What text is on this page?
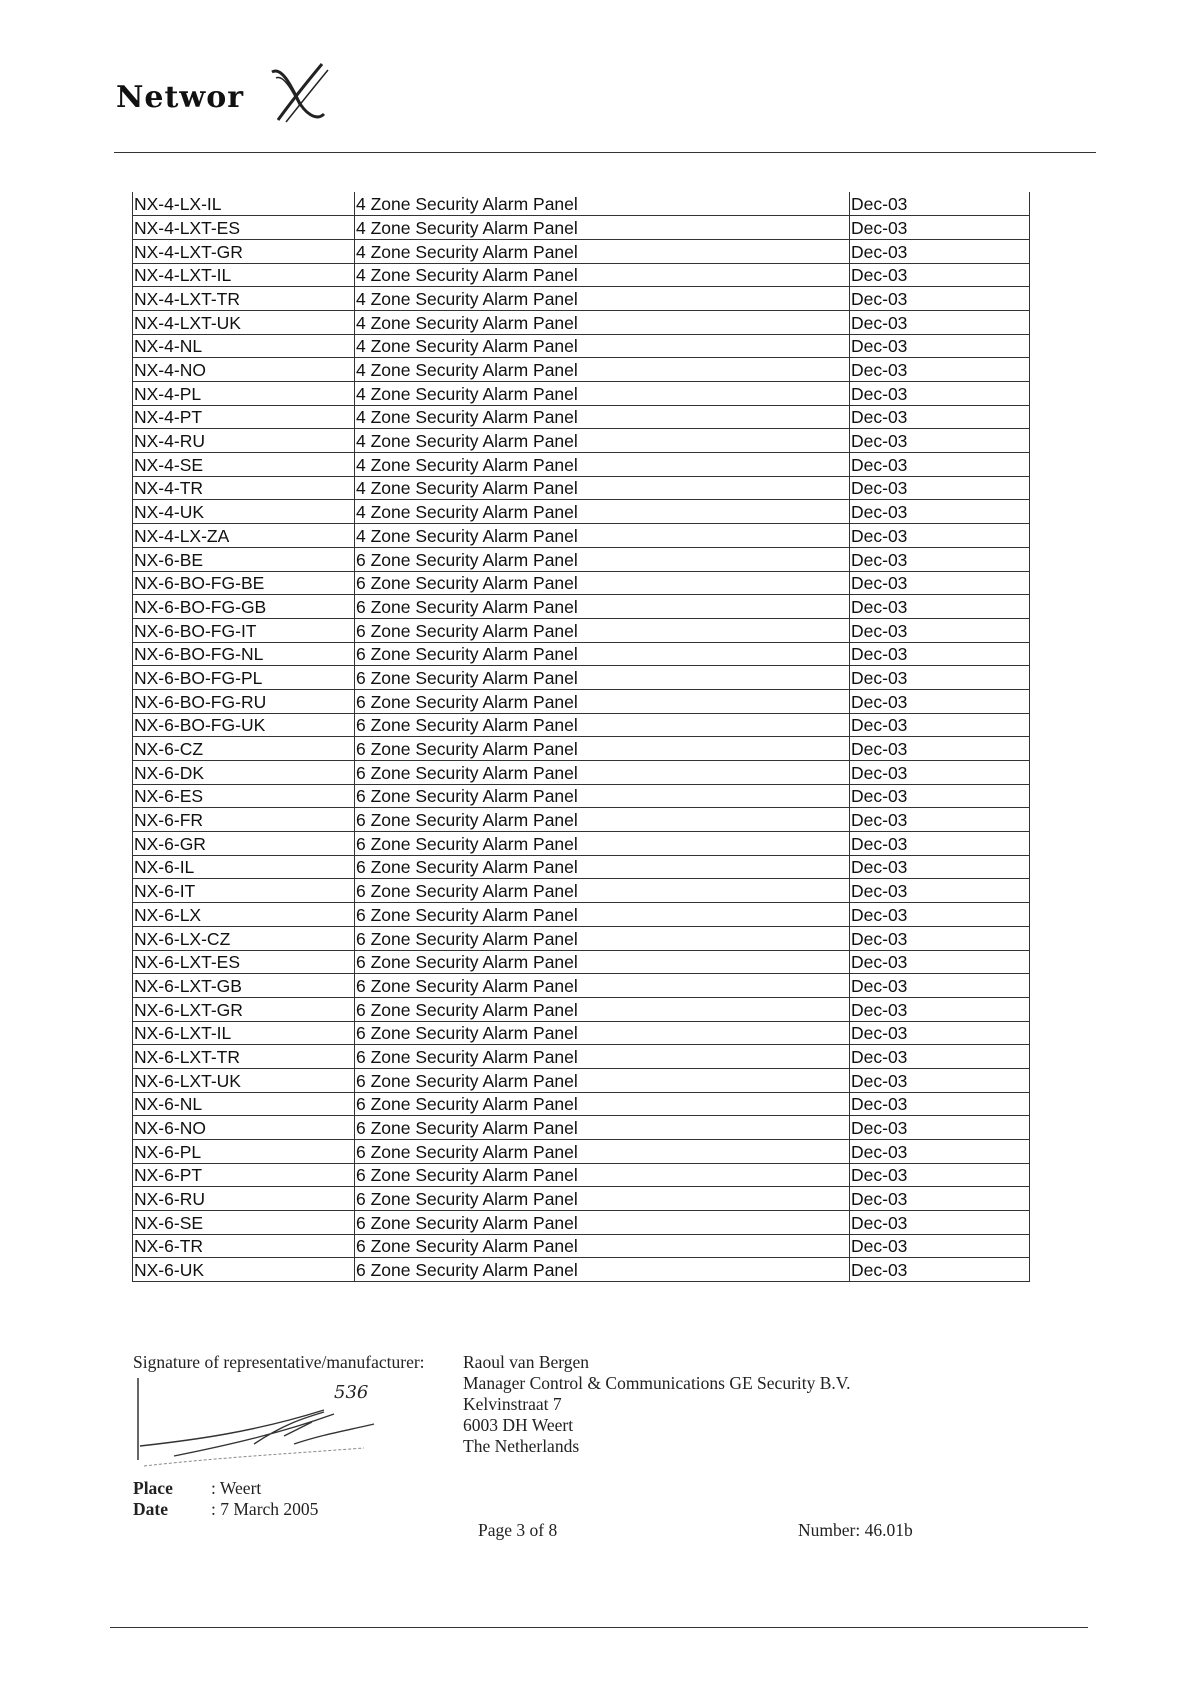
Networ
NX-4-LX-IL	4 Zone Security Alarm Panel	Dec-03
NX-4-LXT-ES	4 Zone Security Alarm Panel	Dec-03
NX-4-LXT-GR	4 Zone Security Alarm Panel	Dec-03
NX-4-LXT-IL	4 Zone Security Alarm Panel	Dec-03
NX-4-LXT-TR	4 Zone Security Alarm Panel	Dec-03
NX-4-LXT-UK	4 Zone Security Alarm Panel	Dec-03
NX-4-NL	4 Zone Security Alarm Panel	Dec-03
NX-4-NO	4 Zone Security Alarm Panel	Dec-03
NX-4-PL	4 Zone Security Alarm Panel	Dec-03
NX-4-PT	4 Zone Security Alarm Panel	Dec-03
NX-4-RU	4 Zone Security Alarm Panel	Dec-03
NX-4-SE	4 Zone Security Alarm Panel	Dec-03
NX-4-TR	4 Zone Security Alarm Panel	Dec-03
NX-4-UK	4 Zone Security Alarm Panel	Dec-03
NX-4-LX-ZA	4 Zone Security Alarm Panel	Dec-03
NX-6-BE	6 Zone Security Alarm Panel	Dec-03
NX-6-BO-FG-BE	6 Zone Security Alarm Panel	Dec-03
NX-6-BO-FG-GB	6 Zone Security Alarm Panel	Dec-03
NX-6-BO-FG-IT	6 Zone Security Alarm Panel	Dec-03
NX-6-BO-FG-NL	6 Zone Security Alarm Panel	Dec-03
NX-6-BO-FG-PL	6 Zone Security Alarm Panel	Dec-03
NX-6-BO-FG-RU	6 Zone Security Alarm Panel	Dec-03
NX-6-BO-FG-UK	6 Zone Security Alarm Panel	Dec-03
NX-6-CZ	6 Zone Security Alarm Panel	Dec-03
NX-6-DK	6 Zone Security Alarm Panel	Dec-03
NX-6-ES	6 Zone Security Alarm Panel	Dec-03
NX-6-FR	6 Zone Security Alarm Panel	Dec-03
NX-6-GR	6 Zone Security Alarm Panel	Dec-03
NX-6-IL	6 Zone Security Alarm Panel	Dec-03
NX-6-IT	6 Zone Security Alarm Panel	Dec-03
NX-6-LX	6 Zone Security Alarm Panel	Dec-03
NX-6-LX-CZ	6 Zone Security Alarm Panel	Dec-03
NX-6-LXT-ES	6 Zone Security Alarm Panel	Dec-03
NX-6-LXT-GB	6 Zone Security Alarm Panel	Dec-03
NX-6-LXT-GR	6 Zone Security Alarm Panel	Dec-03
NX-6-LXT-IL	6 Zone Security Alarm Panel	Dec-03
NX-6-LXT-TR	6 Zone Security Alarm Panel	Dec-03
NX-6-LXT-UK	6 Zone Security Alarm Panel	Dec-03
NX-6-NL	6 Zone Security Alarm Panel	Dec-03
NX-6-NO	6 Zone Security Alarm Panel	Dec-03
NX-6-PL	6 Zone Security Alarm Panel	Dec-03
NX-6-PT	6 Zone Security Alarm Panel	Dec-03
NX-6-RU	6 Zone Security Alarm Panel	Dec-03
NX-6-SE	6 Zone Security Alarm Panel	Dec-03
NX-6-TR	6 Zone Security Alarm Panel	Dec-03
NX-6-UK	6 Zone Security Alarm Panel	Dec-03
Signature of representative/manufacturer:
536
Raoul van Bergen
Manager Control & Communications GE Security B.V.
Kelvinstraat 7
6003 DH Weert
The Netherlands
Place : Weert
Date : 7 March 2005
Page 3 of 8	Number: 46.01b
